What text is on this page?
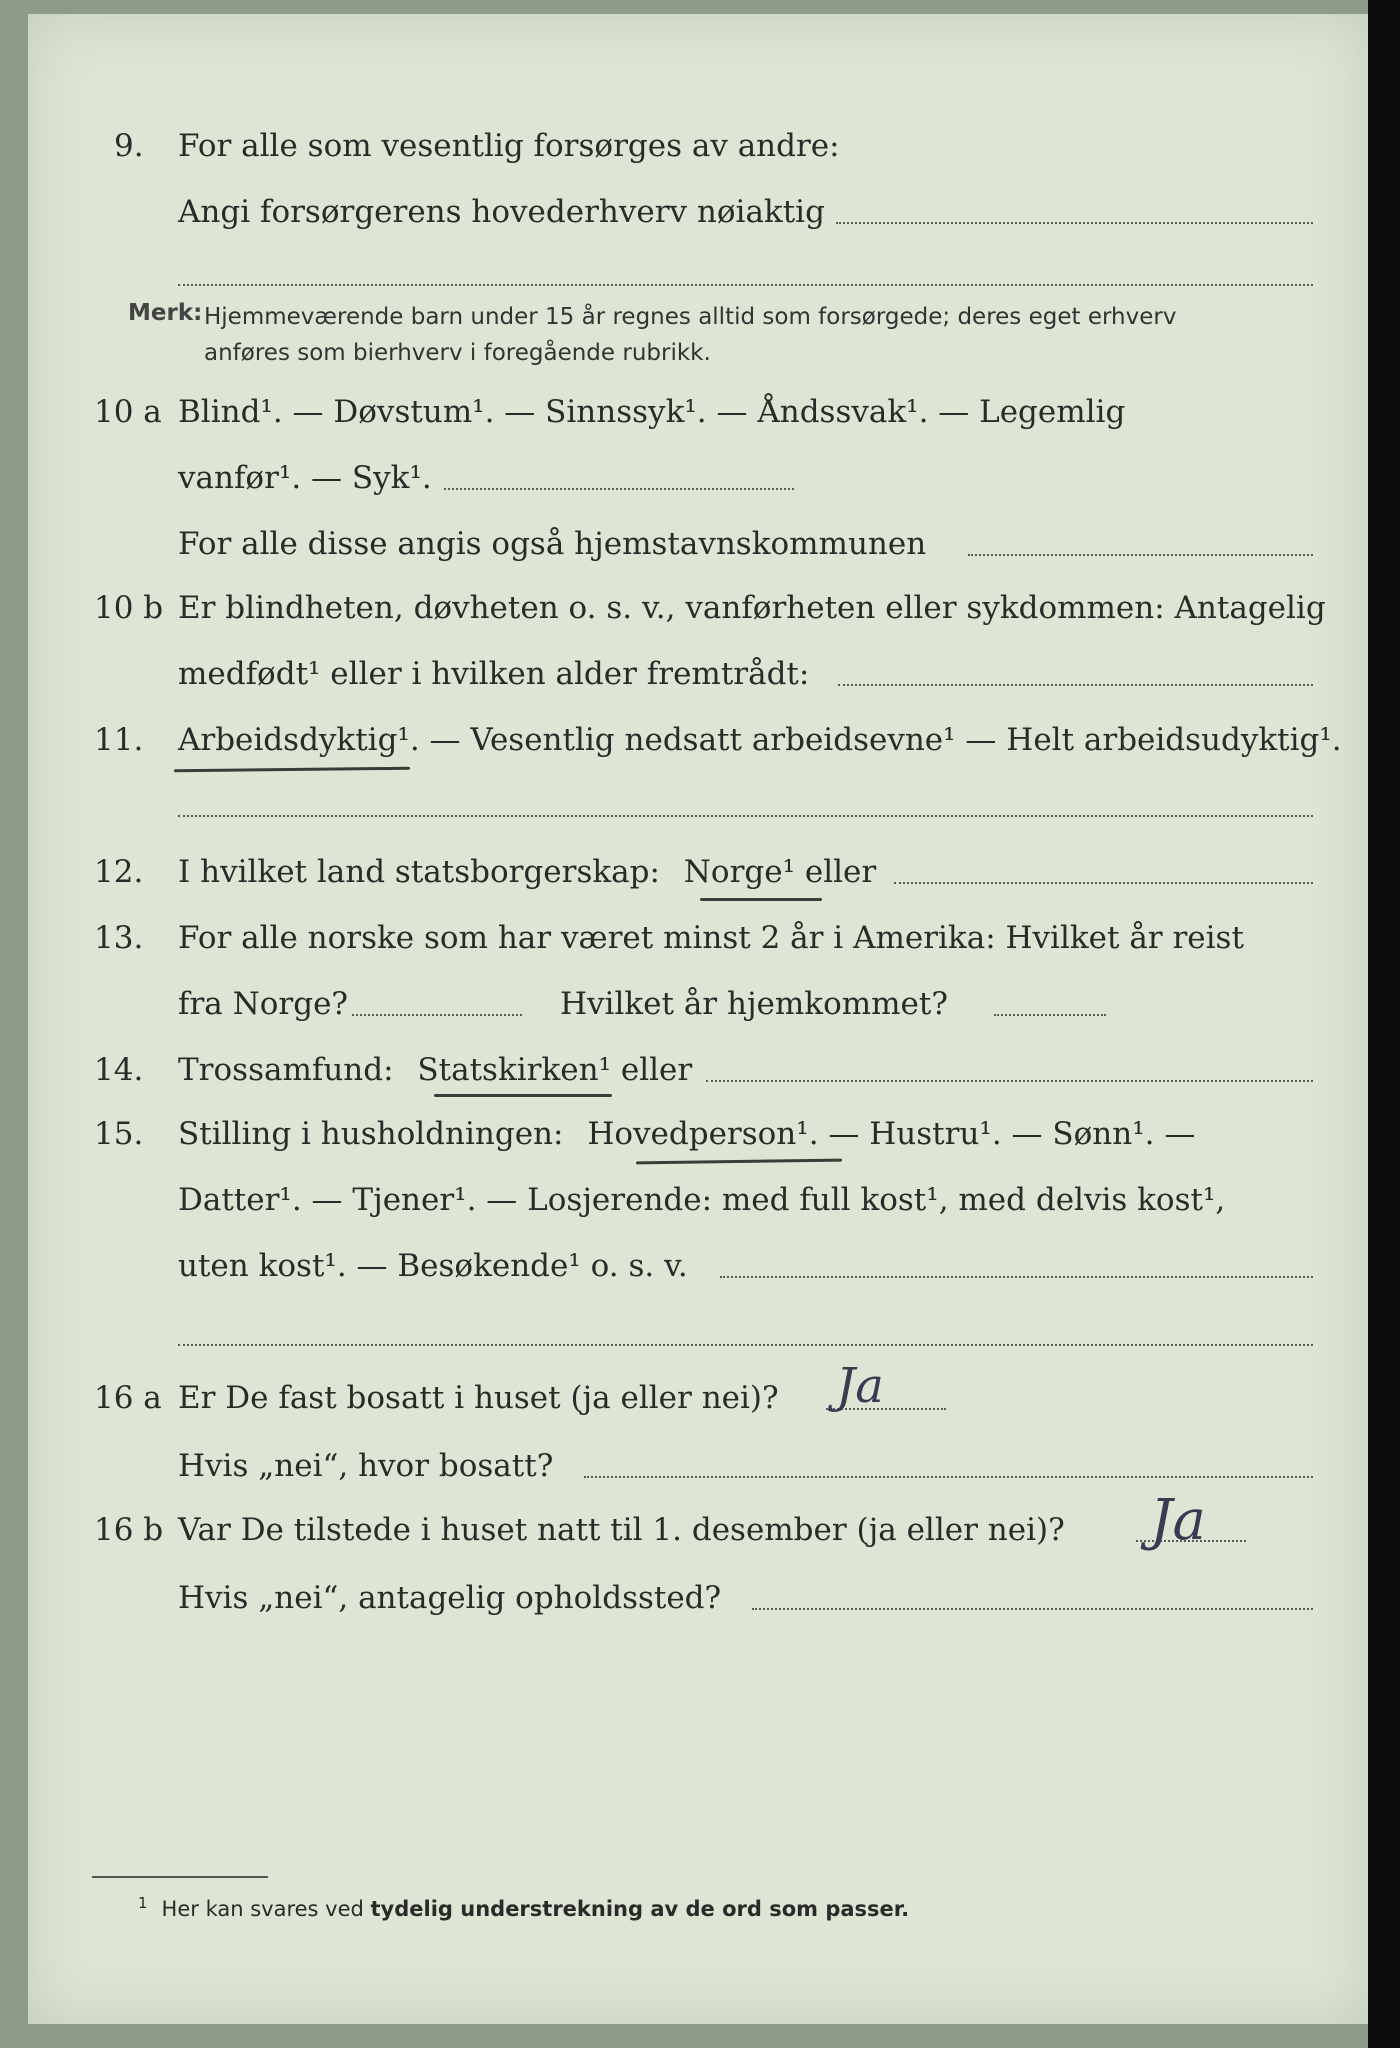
9. For alle som vesentlig forsørges av andre:
Angi forsørgerens hovederhverv nøiaktig
Merk: Hjemmeværende barn under 15 år regnes alltid som forsørgede; deres eget erhverv
anføres som bierhverv i foregående rubrikk.
10 a Blind¹. — Døvstum¹. — Sinnssyk¹. — Åndssvak¹. — Legemlig
vanfør¹. — Syk¹.
For alle disse angis også hjemstavnskommunen
10 b Er blindheten, døvheten o. s. v., vanførheten eller sykdommen: Antagelig
medfødt¹ eller i hvilken alder fremtrådt:
11. Arbeidsdyktig¹. — Vesentlig nedsatt arbeidsevne¹ — Helt arbeidsudyktig¹.
12. I hvilket land statsborgerskap: Norge¹ eller
13. For alle norske som har været minst 2 år i Amerika: Hvilket år reist
fra Norge?	Hvilket år hjemkommet?
14. Trossamfund: Statskirken¹ eller
15. Stilling i husholdningen: Hovedperson¹. — Hustru¹. — Sønn¹. —
Datter¹. — Tjener¹. — Losjerende: med full kost¹, med delvis kost¹,
uten kost¹. — Besøkende¹ o. s. v.
16 a Er De fast bosatt i huset (ja eller nei)? Ja
Hvis „nei“, hvor bosatt?
16 b Var De tilstede i huset natt til 1. desember (ja eller nei)? Ja
Hvis „nei“, antagelig opholdssted?
$^1$ Her kan svares ved tydelig understrekning av de ord som passer.
